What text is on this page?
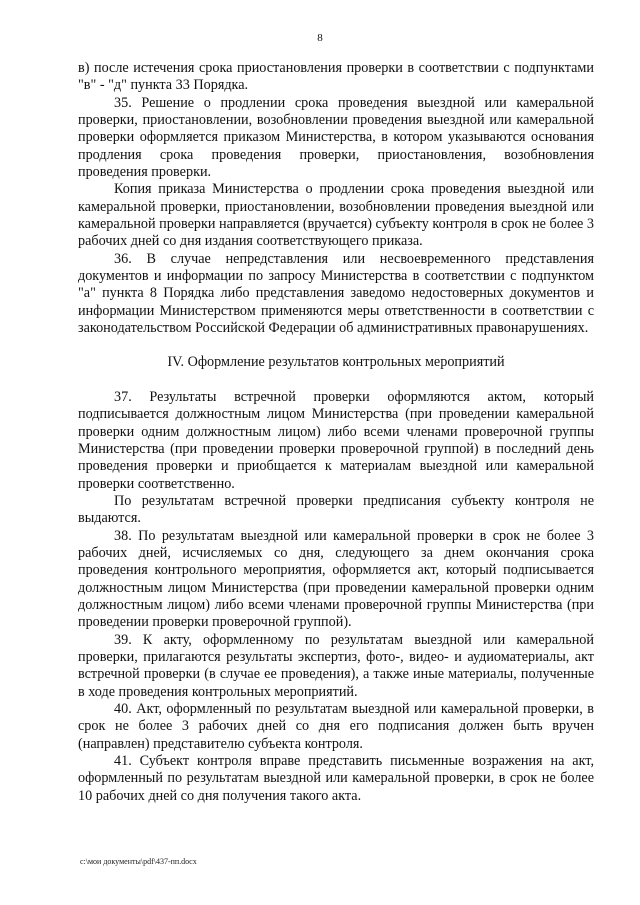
8

в) после истечения срока приостановления проверки в соответствии с подпунктами "в" - "д" пункта 33 Порядка.

35. Решение о продлении срока проведения выездной или камеральной проверки, приостановлении, возобновлении проведения выездной или камеральной проверки оформляется приказом Министерства, в котором указываются основания продления срока проведения проверки, приостановления, возобновления проведения проверки.

Копия приказа Министерства о продлении срока проведения выездной или камеральной проверки, приостановлении, возобновлении проведения выездной или камеральной проверки направляется (вручается) субъекту контроля в срок не более 3 рабочих дней со дня издания соответствующего приказа.

36. В случае непредставления или несвоевременного представления документов и информации по запросу Министерства в соответствии с подпунктом "а" пункта 8 Порядка либо представления заведомо недостоверных документов и информации Министерством применяются меры ответственности в соответствии с законодательством Российской Федерации об административных правонарушениях.

IV. Оформление результатов контрольных мероприятий

37. Результаты встречной проверки оформляются актом, который подписывается должностным лицом Министерства (при проведении камеральной проверки одним должностным лицом) либо всеми членами проверочной группы Министерства (при проведении проверки проверочной группой) в последний день проведения проверки и приобщается к материалам выездной или камеральной проверки соответственно.

По результатам встречной проверки предписания субъекту контроля не выдаются.

38. По результатам выездной или камеральной проверки в срок не более 3 рабочих дней, исчисляемых со дня, следующего за днем окончания срока проведения контрольного мероприятия, оформляется акт, который подписывается должностным лицом Министерства (при проведении камеральной проверки одним должностным лицом) либо всеми членами проверочной группы Министерства (при проведении проверки проверочной группой).

39. К акту, оформленному по результатам выездной или камеральной проверки, прилагаются результаты экспертиз, фото-, видео- и аудиоматериалы, акт встречной проверки (в случае ее проведения), а также иные материалы, полученные в ходе проведения контрольных мероприятий.

40. Акт, оформленный по результатам выездной или камеральной проверки, в срок не более 3 рабочих дней со дня его подписания должен быть вручен (направлен) представителю субъекта контроля.

41. Субъект контроля вправе представить письменные возражения на акт, оформленный по результатам выездной или камеральной проверки, в срок не более 10 рабочих дней со дня получения такого акта.

c:\мои документы\pdf\437-пп.docx
